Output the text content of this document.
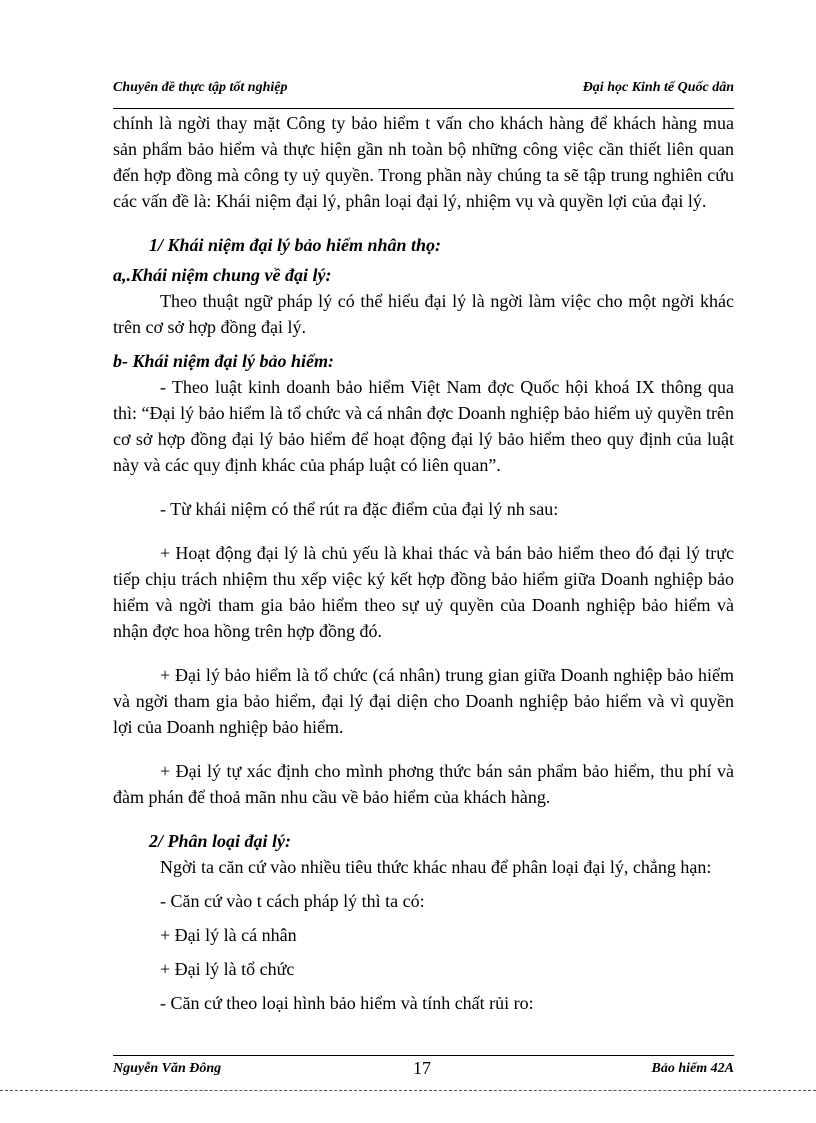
Chuyên đề thực tập tốt nghiệp	Đại học Kinh tế Quốc dân

chính là ngời thay mặt Công ty bảo hiểm t vấn cho khách hàng để khách hàng mua sản phẩm bảo hiểm và thực hiện gần nh toàn bộ những công việc cần thiết liên quan đến hợp đồng mà công ty uỷ quyền. Trong phần này chúng ta sẽ tập trung nghiên cứu các vấn đề là: Khái niệm đại lý, phân loại đại lý, nhiệm vụ và quyền lợi của đại lý.

1/ Khái niệm đại lý bảo hiểm nhân thọ:

a,.Khái niệm chung về đại lý:

Theo thuật ngữ pháp lý có thể hiểu đại lý là ngời làm việc cho một ngời khác trên cơ sở hợp đồng đại lý.

b- Khái niệm đại lý bảo hiểm:

- Theo luật kinh doanh bảo hiểm Việt Nam đợc Quốc hội khoá IX thông qua thì: “Đại lý bảo hiểm là tổ chức và cá nhân đợc Doanh nghiệp bảo hiểm uỷ quyền trên cơ sở hợp đồng đại lý bảo hiểm để hoạt động đại lý bảo hiểm theo quy định của luật này và các quy định khác của pháp luật có liên quan”.

- Từ khái niệm có thể rút ra đặc điểm của đại lý nh sau:

+ Hoạt động đại lý là chủ yếu là khai thác và bán bảo hiểm theo đó đại lý trực tiếp chịu trách nhiệm thu xếp việc ký kết hợp đồng bảo hiểm giữa Doanh nghiệp bảo hiểm và ngời tham gia bảo hiểm theo sự uỷ quyền của Doanh nghiệp bảo hiểm và nhận đợc hoa hồng trên hợp đồng đó.

+ Đại lý bảo hiểm là tổ chức (cá nhân) trung gian giữa Doanh nghiệp bảo hiểm và ngời tham gia bảo hiểm, đại lý đại diện cho Doanh nghiệp bảo hiểm và vì quyền lợi của Doanh nghiệp bảo hiểm.

+ Đại lý tự xác định cho mình phơng thức bán sản phẩm bảo hiểm, thu phí và đàm phán để thoả mãn nhu cầu về bảo hiểm của khách hàng.

2/ Phân loại đại lý:

Ngời ta căn cứ vào nhiều tiêu thức khác nhau để phân loại đại lý, chẳng hạn:

- Căn cứ vào t cách pháp lý thì ta có:

+ Đại lý là cá nhân

+ Đại lý là tổ chức

- Căn cứ theo loại hình bảo hiểm và tính chất rủi ro:

Nguyễn Văn Đông	17	Bảo hiểm 42A
